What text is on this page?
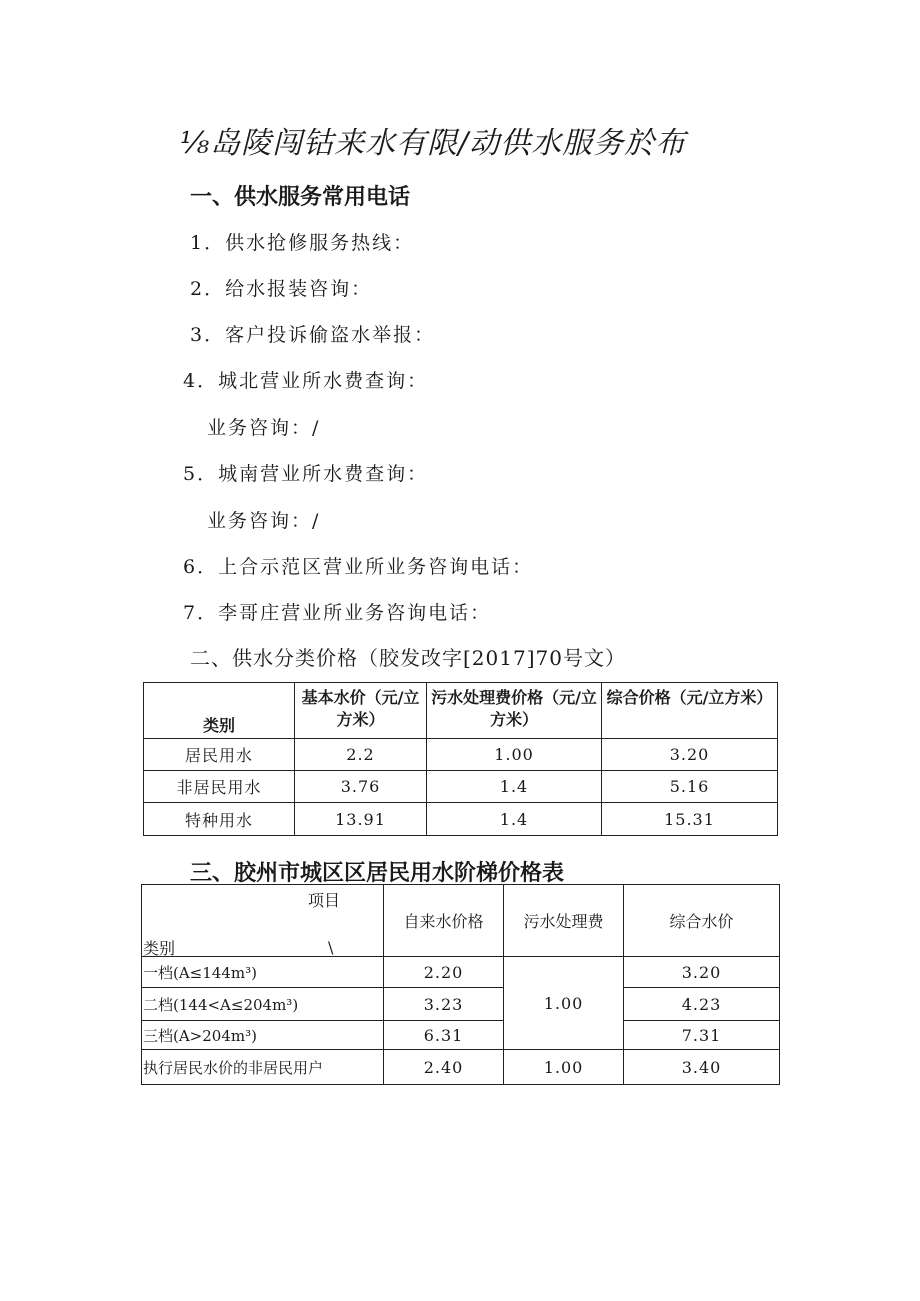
⅛岛陵闯钴来水有限/动供水服务於布
一、供水服务常用电话
1．供水抢修服务热线：
2．给水报装咨询：
3．客户投诉偷盗水举报：
4．城北营业所水费查询：
业务咨询：/
5．城南营业所水费查询：
业务咨询：/
6．上合示范区营业所业务咨询电话：
7．李哥庄营业所业务咨询电话：
二、供水分类价格（胶发改字[2017]70号文）
类别	基本水价（元/立方米）	污水处理费价格（元/立方米）	综合价格（元/立方米）
居民用水	2.2	1.00	3.20
非居民用水	3.76	1.4	5.16
特种用水	13.91	1.4	15.31
三、胶州市城区区居民用水阶梯价格表
项目
类别 \	自来水价格	污水处理费	综合水价
一档(A≤144m³)	2.20	1.00	3.20
二档(144<A≤204m³)	3.23		4.23
三档(A>204m³)	6.31		7.31
执行居民水价的非居民用户	2.40	1.00	3.40
